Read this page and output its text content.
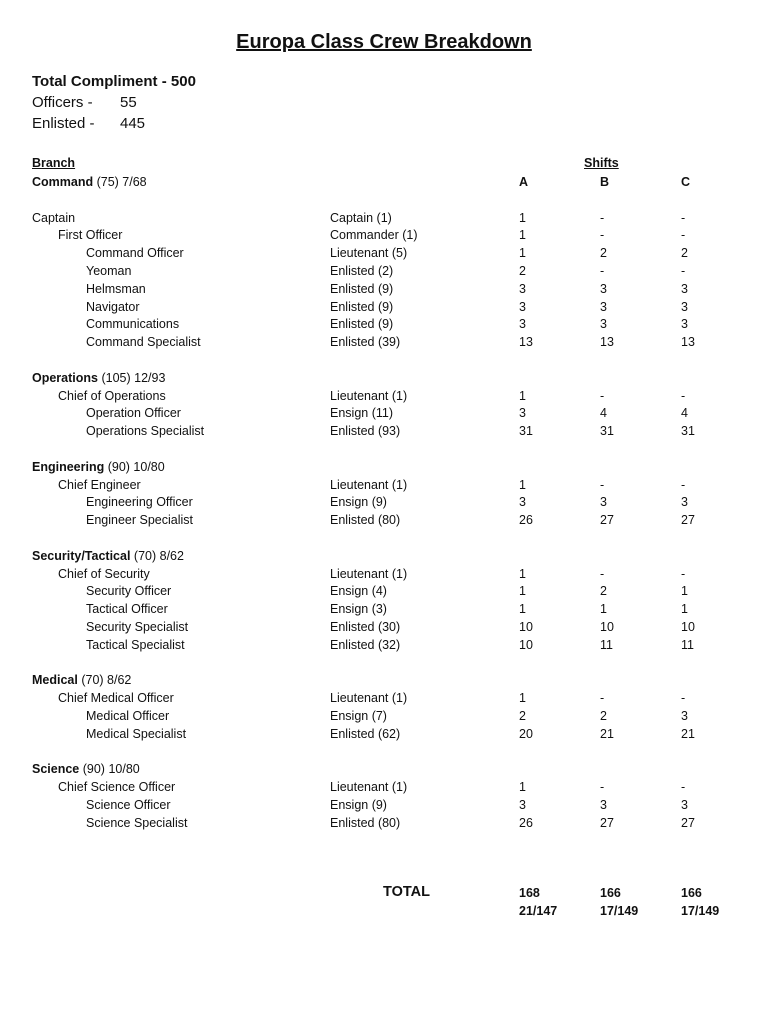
Europa Class Crew Breakdown
Total Compliment - 500
Officers - 55
Enlisted - 445
Branch	Shifts
A	B	C
Command (75) 7/68
Captain	Captain (1)	1	-	-
First Officer	Commander (1)	1	-	-
Command Officer	Lieutenant (5)	1	2	2
Yeoman	Enlisted (2)	2	-	-
Helmsman	Enlisted (9)	3	3	3
Navigator	Enlisted (9)	3	3	3
Communications	Enlisted (9)	3	3	3
Command Specialist	Enlisted (39)	13	13	13
Operations (105) 12/93
Chief of Operations	Lieutenant (1)	1	-	-
Operation Officer	Ensign (11)	3	4	4
Operations Specialist	Enlisted (93)	31	31	31
Engineering (90) 10/80
Chief Engineer	Lieutenant (1)	1	-	-
Engineering Officer	Ensign (9)	3	3	3
Engineer Specialist	Enlisted (80)	26	27	27
Security/Tactical (70) 8/62
Chief of Security	Lieutenant (1)	1	-	-
Security Officer	Ensign (4)	1	2	1
Tactical Officer	Ensign (3)	1	1	1
Security Specialist	Enlisted (30)	10	10	10
Tactical Specialist	Enlisted (32)	10	11	11
Medical (70) 8/62
Chief Medical Officer	Lieutenant (1)	1	-	-
Medical Officer	Ensign (7)	2	2	3
Medical Specialist	Enlisted (62)	20	21	21
Science (90) 10/80
Chief Science Officer	Lieutenant (1)	1	-	-
Science Officer	Ensign (9)	3	3	3
Science Specialist	Enlisted (80)	26	27	27
TOTAL	168	166	166
21/147	17/149	17/149
